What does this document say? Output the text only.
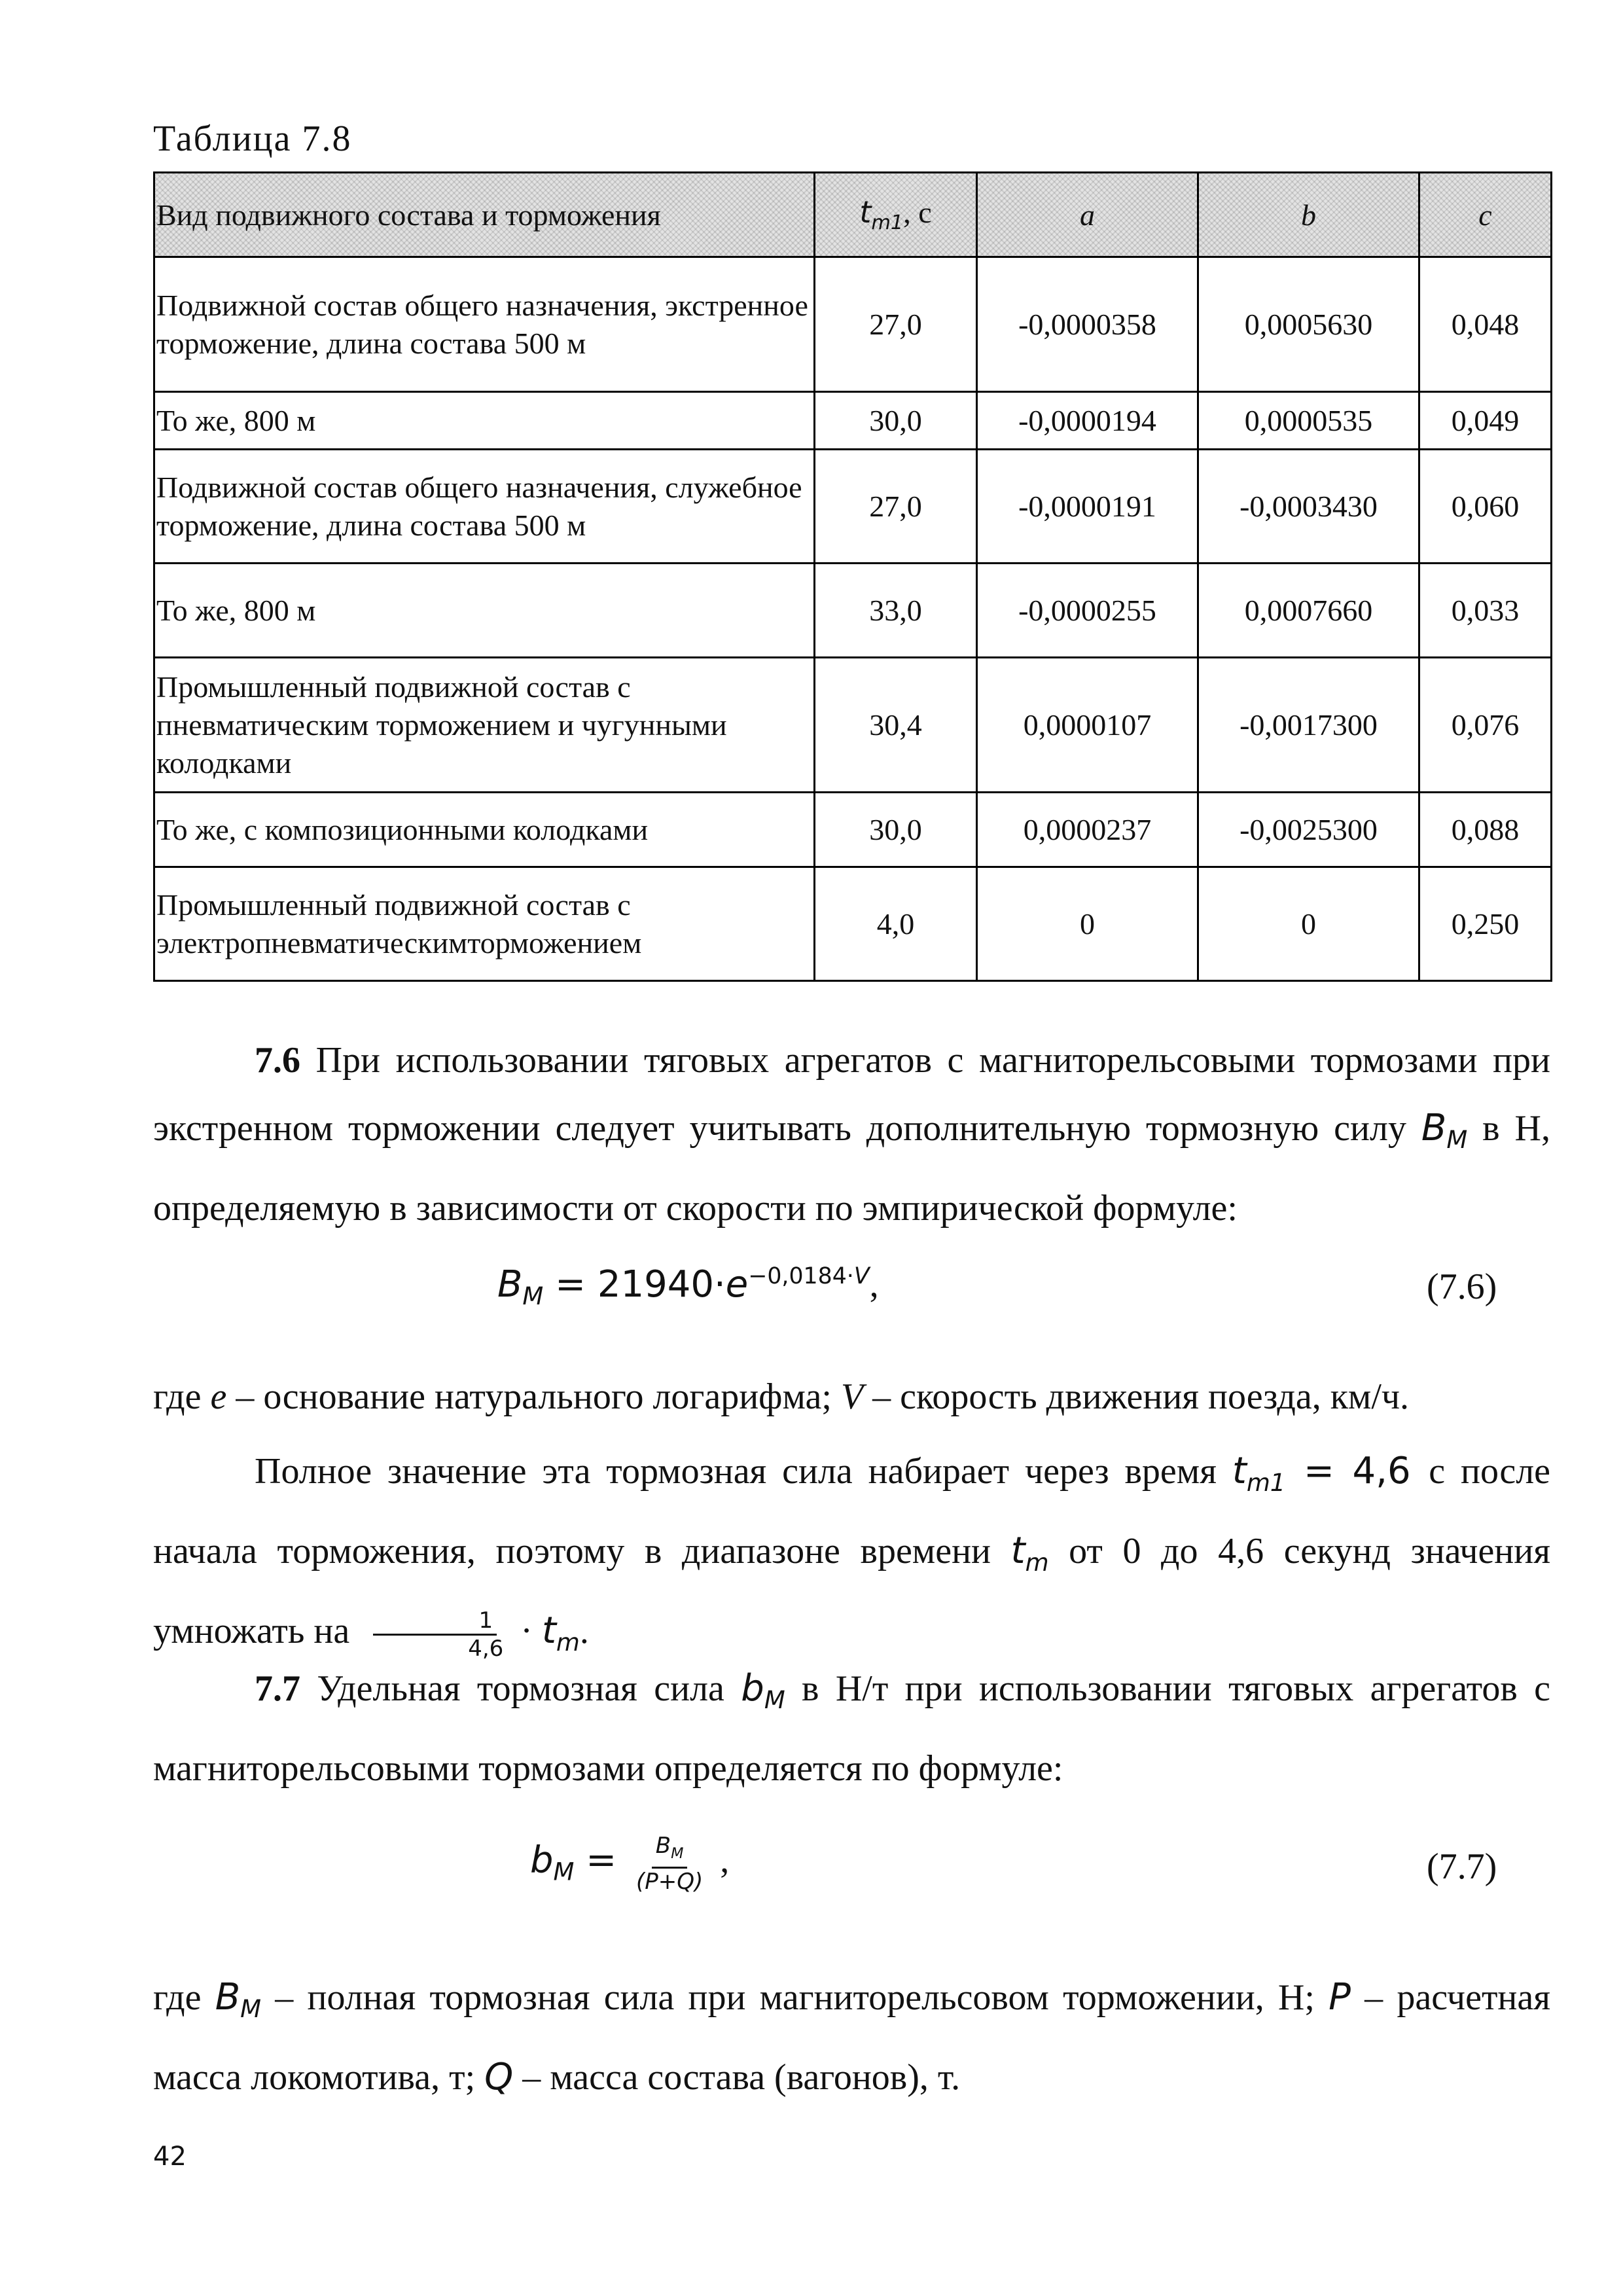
Таблица 7.8
Вид подвижного состава и торможения	$t_{m1}$, с	a	b	c
Подвижной состав общего назначения, экстренное торможение, длина состава 500 м	27,0	-0,0000358	0,0005630	0,048
То же, 800 м	30,0	-0,0000194	0,0000535	0,049
Подвижной состав общего назначения, служебное торможение, длина состава 500 м	27,0	-0,0000191	-0,0003430	0,060
То же, 800 м	33,0	-0,0000255	0,0007660	0,033
Промышленный подвижной состав с пневматическим торможением и чугунными колодками	30,4	0,0000107	-0,0017300	0,076
То же, с композиционными колодками	30,0	0,0000237	-0,0025300	0,088
Промышленный подвижной состав с электропневматическимторможением	4,0	0	0	0,250
7.6 При использовании тяговых агрегатов с магниторельсовыми тормозами при экстренном торможении следует учитывать дополнительную тормозную силу $B_M$ в Н, определяемую в зависимости от скорости по эмпирической формуле:
$B_M = 21940\cdot e^{-0,0184\cdot V}$,	(7.6)
где e – основание натурального логарифма; V – скорость движения поезда, км/ч.
Полное значение эта тормозная сила набирает через время $t_{m1} = 4,6$ с после начала торможения, поэтому в диапазоне времени $t_m$ от 0 до 4,6 секунд значения умножать на $\frac{1}{4,6} \cdot t_m$.
7.7 Удельная тормозная сила $b_M$ в Н/т при использовании тяговых агрегатов с магниторельсовыми тормозами определяется по формуле:
$b_M = \frac{B_M}{(P+Q)}$ ,	(7.7)
где $B_M$ – полная тормозная сила при магниторельсовом торможении, Н; P – расчетная масса локомотива, т; Q – масса состава (вагонов), т.
42
